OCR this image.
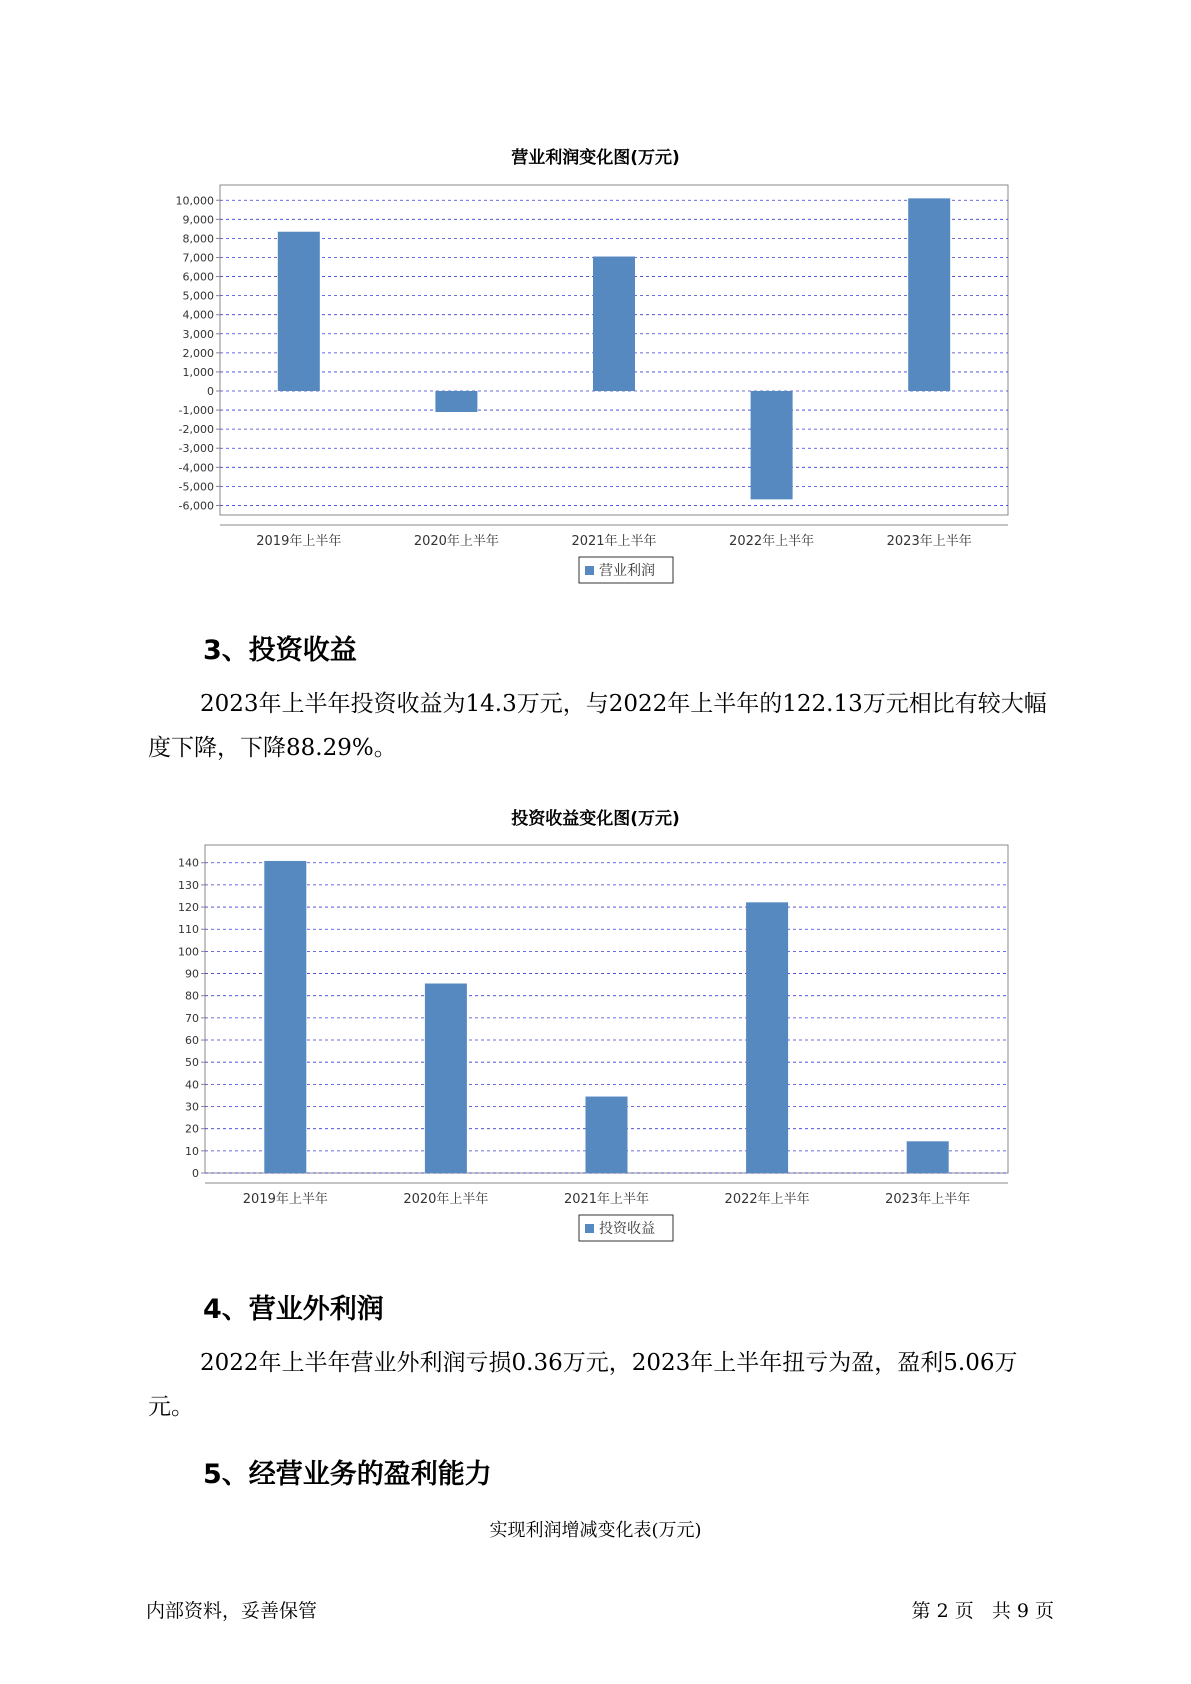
营业利润变化图(万元)
10,000
9,000
8,000
7,000
6,000
5,000
4,000
3,000
2,000
1,000
0
-1,000
-2,000
-3,000
-4,000
-5,000
-6,000
2019年上半年	2020年上半年	2021年上半年	2022年上半年	2023年上半年
营业利润
3、投资收益

2023年上半年投资收益为14.3万元，与2022年上半年的122.13万元相比有较大幅度下降，下降88.29%。

投资收益变化图(万元)
140
130
120
110
100
90
80
70
60
50
40
30
20
10
0
2019年上半年	2020年上半年	2021年上半年	2022年上半年	2023年上半年
投资收益
4、营业外利润

2022年上半年营业外利润亏损0.36万元，2023年上半年扭亏为盈，盈利5.06万元。

5、经营业务的盈利能力
实现利润增减变化表(万元)
内部资料，妥善保管	第 2 页   共 9 页
